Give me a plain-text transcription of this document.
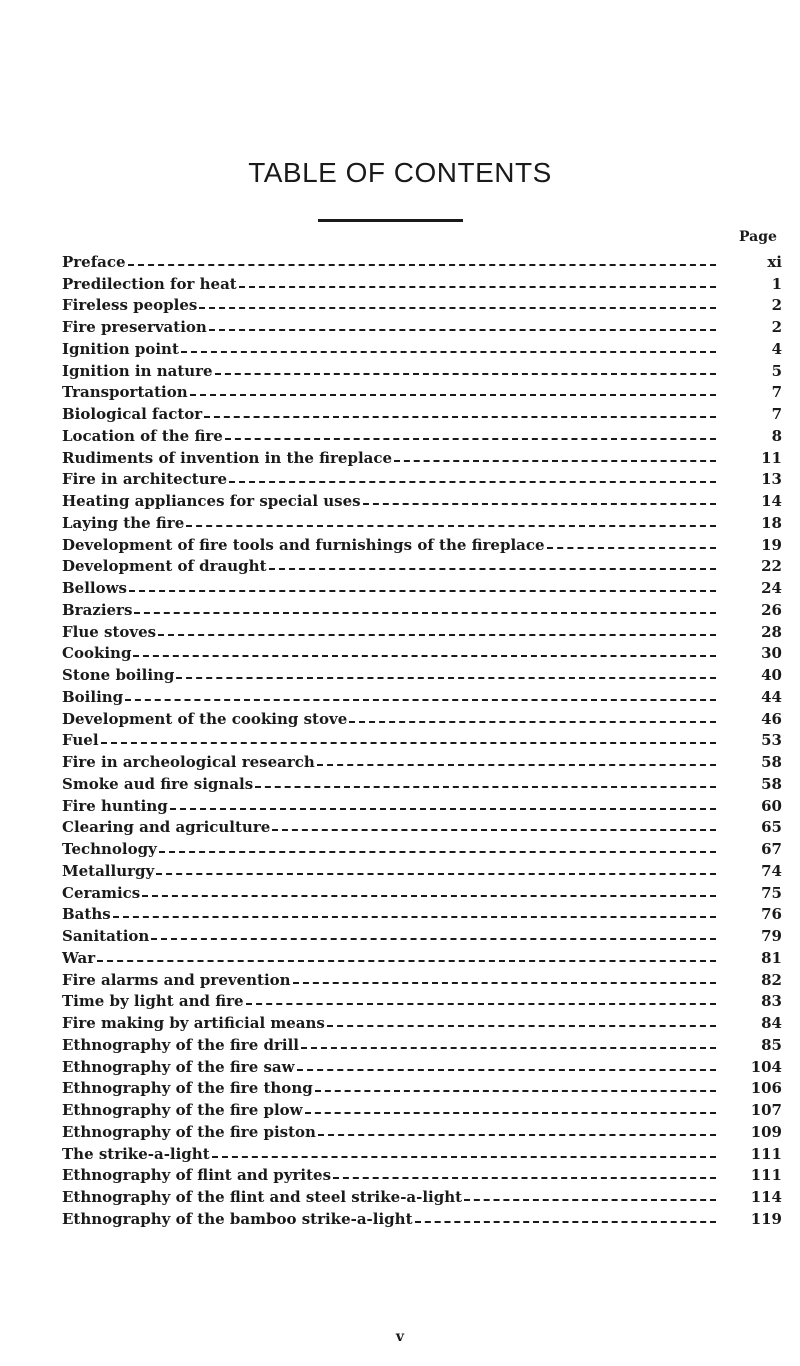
TABLE OF CONTENTS
Page
Preface	xi
Predilection for heat	1
Fireless peoples	2
Fire preservation	2
Ignition point	4
Ignition in nature	5
Transportation	7
Biological factor	7
Location of the fire	8
Rudiments of invention in the fireplace	11
Fire in architecture	13
Heating appliances for special uses	14
Laying the fire	18
Development of fire tools and furnishings of the fireplace	19
Development of draught	22
Bellows	24
Braziers	26
Flue stoves	28
Cooking	30
Stone boiling	40
Boiling	44
Development of the cooking stove	46
Fuel	53
Fire in archeological research	58
Smoke aud fire signals	58
Fire hunting	60
Clearing and agriculture	65
Technology	67
Metallurgy	74
Ceramics	75
Baths	76
Sanitation	79
War	81
Fire alarms and prevention	82
Time by light and fire	83
Fire making by artificial means	84
Ethnography of the fire drill	85
Ethnography of the fire saw	104
Ethnography of the fire thong	106
Ethnography of the fire plow	107
Ethnography of the fire piston	109
The strike-a-light	111
Ethnography of flint and pyrites	111
Ethnography of the flint and steel strike-a-light	114
Ethnography of the bamboo strike-a-light	119
v
